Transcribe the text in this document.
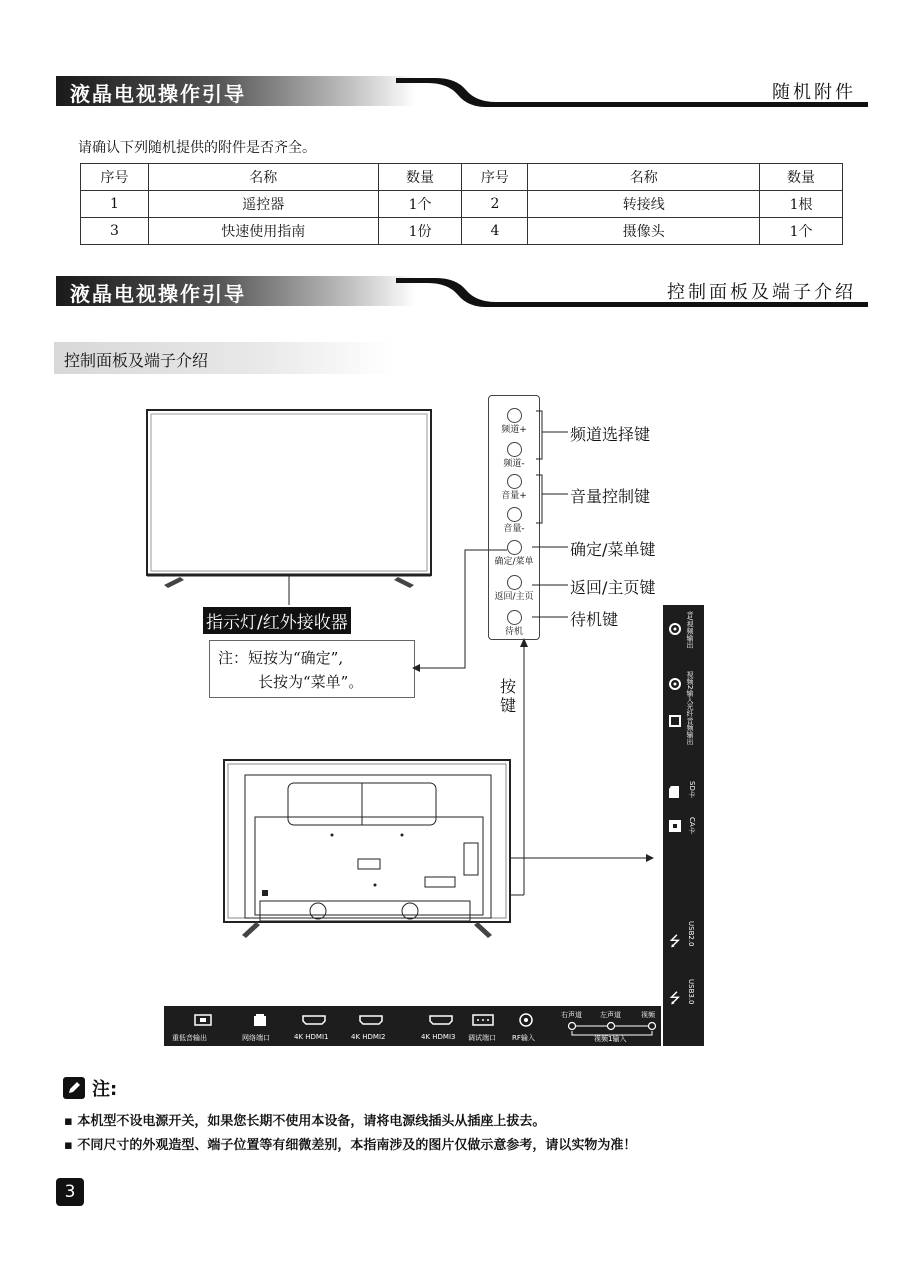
液晶电视操作引导	随机附件
请确认下列随机提供的附件是否齐全。
序号	名称	数量	序号	名称	数量
1	遥控器	1个	2	转接线	1根
3	快速使用指南	1份	4	摄像头	1个
液晶电视操作引导	控制面板及端子介绍
控制面板及端子介绍
指示灯/红外接收器
注：短按为“确定”,
长按为“菜单”。	按键
频道+
频道-
音量+
音量-
确定/菜单
返回/主页
待机
频道选择键
音量控制键
确定/菜单键
返回/主页键
待机键	音/视频输出
视频2输入
光纤音频输出
SD卡
CA卡
⭍ USB2.0
⭍ USB3.0
重低音输出	网络端口	4K HDMI1	4K HDMI2	4K HDMI3 调试端口 RF输入
右声道	左声道	视频
视频1输入
注:
▪ 本机型不设电源开关，如果您长期不使用本设备，请将电源线插头从插座上拔去。
▪ 不同尺寸的外观造型、端子位置等有细微差别，本指南涉及的图片仅做示意参考，请以实物为准！
3
